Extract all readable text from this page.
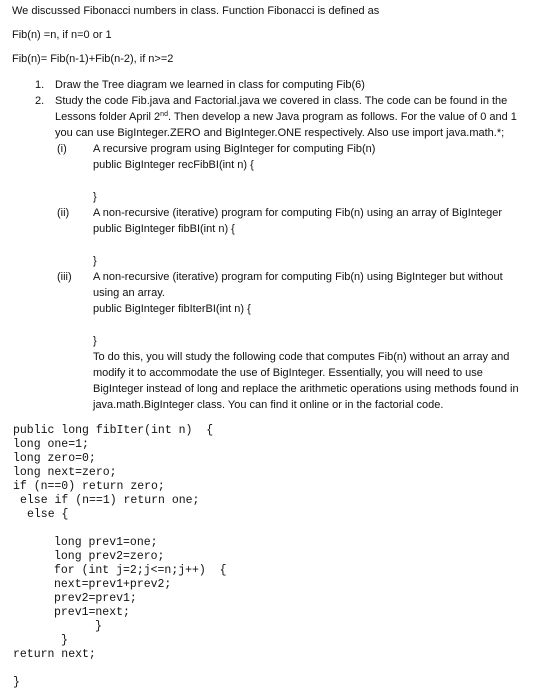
We discussed Fibonacci numbers in class. Function Fibonacci is defined as
Fib(n) =n, if n=0 or 1
Fib(n)= Fib(n-1)+Fib(n-2), if n>=2
1. Draw the Tree diagram we learned in class for computing Fib(6)
2. Study the code Fib.java and Factorial.java we covered in class. The code can be found in the
Lessons folder April 2nd. Then develop a new Java program as follows. For the value of 0 and 1
you can use BigInteger.ZERO and BigInteger.ONE respectively. Also use import java.math.*;
(i) A recursive program using BigInteger for computing Fib(n)
public BigInteger recFibBI(int n) {
}
(ii) A non-recursive (iterative) program for computing Fib(n) using an array of BigInteger
public BigInteger fibBI(int n) {
}
(iii) A non-recursive (iterative) program for computing Fib(n) using BigInteger but without
using an array.
public BigInteger fibIterBI(int n) {
}
To do this, you will study the following code that computes Fib(n) without an array and
modify it to accommodate the use of BigInteger. Essentially, you will need to use
BigInteger instead of long and replace the arithmetic operations using methods found in
java.math.BigInteger class. You can find it online or in the factorial code.
public long fibIter(int n)  {
long one=1;
long zero=0;
long next=zero;
if (n==0) return zero;
else if (n==1) return one;
else {
long prev1=one;
long prev2=zero;
for (int j=2;j<=n;j++)  {
next=prev1+prev2;
prev2=prev1;
prev1=next;
}
}
return next;
}
